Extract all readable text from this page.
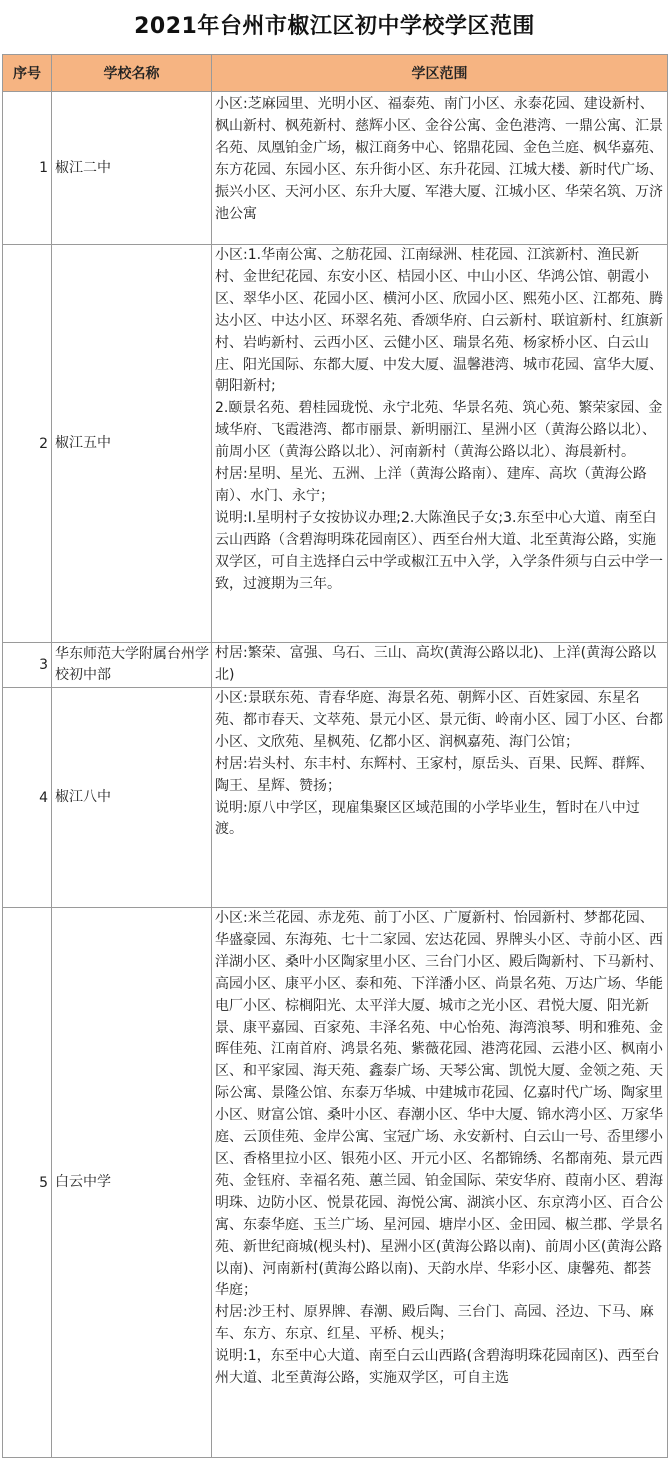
2021年台州市椒江区初中学校学区范围
序号	学校名称	学区范围
1	椒江二中	小区:芝麻园里、光明小区、福泰苑、南门小区、永泰花园、建设新村、枫山新村、枫苑新村、慈辉小区、金谷公寓、金色港湾、一鼎公寓、汇景名苑、凤凰铂金广场，椒江商务中心、铭鼎花园、金色兰庭、枫华嘉苑、东方花园、东园小区、东升街小区、东升花园、江城大楼、新时代广场、振兴小区、天河小区、东升大厦、军港大厦、江城小区、华荣名筑、万济池公寓

2	椒江五中	小区:1.华南公寓、之舫花园、江南绿洲、桂花园、江滨新村、渔民新村、金世纪花园、东安小区、桔园小区、中山小区、华鸿公馆、朝霞小区、翠华小区、花园小区、横河小区、欣园小区、熙苑小区、江都苑、腾达小区、中达小区、环翠名苑、香颂华府、白云新村、联谊新村、红旗新村、岩屿新村、云西小区、云健小区、瑞景名苑、杨家桥小区、白云山庄、阳光国际、东都大厦、中发大厦、温馨港湾、城市花园、富华大厦、朝阳新村;
2.颐景名苑、碧桂园珑悦、永宁北苑、华景名苑、筑心苑、繁荣家园、金域华府、飞霞港湾、都市丽景、新明丽江、星洲小区（黄海公路以北）、前周小区（黄海公路以北）、河南新村（黄海公路以北）、海晨新村。
村居:星明、星光、五洲、上洋（黄海公路南）、建库、高坎（黄海公路南）、水门、永宁；
说明:I.星明村子女按协议办理;2.大陈渔民子女;3.东至中心大道、南至白云山西路（含碧海明珠花园南区）、西至台州大道、北至黄海公路，实施双学区，可自主选择白云中学或椒江五中入学，入学条件须与白云中学一致，过渡期为三年。

3	华东师范大学附属台州学校初中部	村居:繁荣、富强、乌石、三山、高坎(黄海公路以北)、上洋(黄海公路以北)

4	椒江八中	小区:景联东苑、青春华庭、海景名苑、朝辉小区、百姓家园、东星名苑、都市春天、文萃苑、景元小区、景元街、岭南小区、园丁小区、台都小区、文欣苑、星枫苑、亿都小区、润枫嘉苑、海门公馆；
村居:岩头村、东丰村、东辉村、王家村，原岳头、百果、民辉、群辉、陶王、星辉、赞扬；
说明:原八中学区，现雇集聚区区域范围的小学毕业生，暂时在八中过渡。

5	白云中学	小区:米兰花园、赤龙苑、前丁小区、广厦新村、怡园新村、梦都花园、华盛豪园、东海苑、七十二家园、宏达花园、界牌头小区、寺前小区、西洋湖小区、桑叶小区陶家里小区、三台门小区、殿后陶新村、下马新村、高园小区、康平小区、泰和苑、下洋潘小区、尚景名苑、万达广场、华能电厂小区、棕榈阳光、太平洋大厦、城市之光小区、君悦大厦、阳光新景、康平嘉园、百家苑、丰泽名苑、中心怡苑、海湾浪琴、明和雅苑、金晖佳苑、江南首府、鸿景名苑、紫薇花园、港湾花园、云港小区、枫南小区、和平家园、海天苑、鑫泰广场、天琴公寓、凯悦大厦、金领之苑、天际公寓、景隆公馆、东泰万华城、中建城市花园、亿嘉时代广场、陶家里小区、财富公馆、桑叶小区、春潮小区、华中大厦、锦水湾小区、万家华庭、云顶佳苑、金岸公寓、宝冠广场、永安新村、白云山一号、岙里缪小区、香格里拉小区、银苑小区、开元小区、名都锦绣、名都南苑、景元西苑、金钰府、幸福名苑、蕙兰园、铂金国际、荣安华府、葭南小区、碧海明珠、边防小区、悦景花园、海悦公寓、湖滨小区、东京湾小区、百合公寓、东泰华庭、玉兰广场、星河园、塘岸小区、金田园、椒兰郡、学景名苑、新世纪商城(枧头村)、星洲小区(黄海公路以南)、前周小区(黄海公路以南)、河南新村(黄海公路以南)、天韵水岸、华彩小区、康馨苑、都荟华庭；
村居:沙王村、原界牌、春潮、殿后陶、三台门、高园、泾边、下马、麻车、东方、东京、红星、平桥、枧头；
说明:1，东至中心大道、南至白云山西路(含碧海明珠花园南区)、西至台州大道、北至黄海公路，实施双学区，可自主选
